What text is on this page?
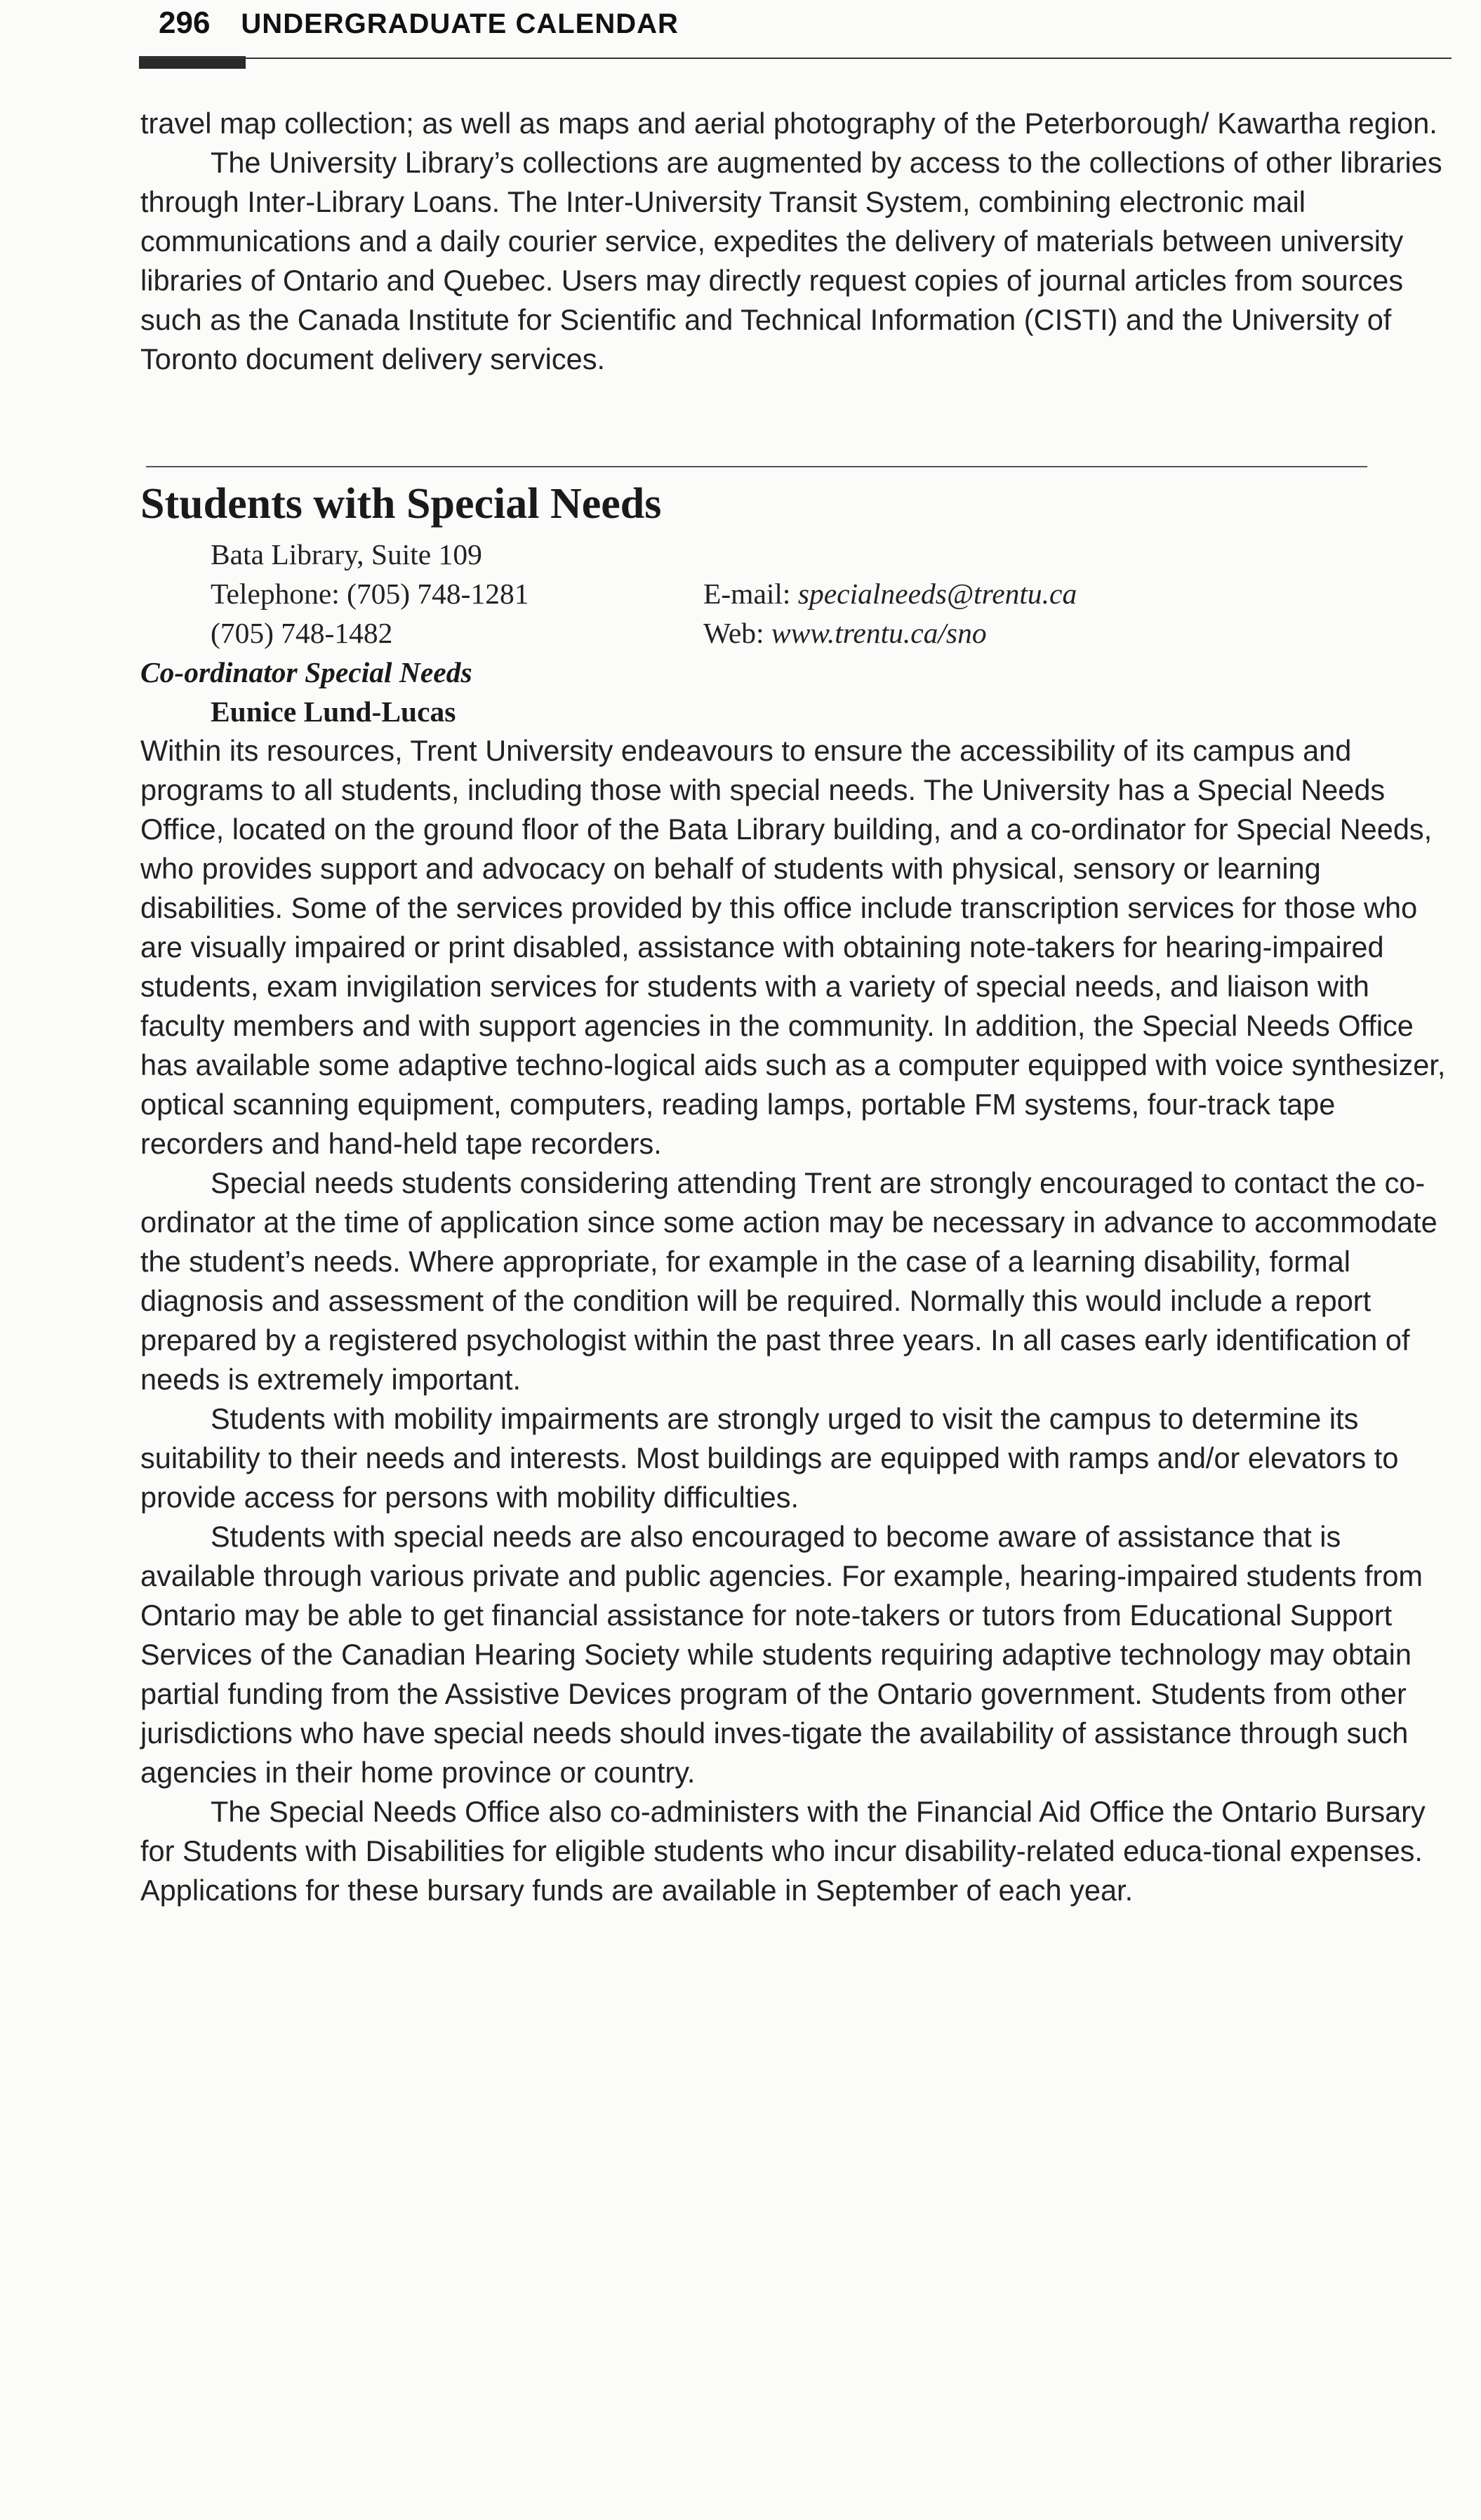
296 UNDERGRADUATE CALENDAR

travel map collection; as well as maps and aerial photography of the Peterborough/ Kawartha region.

The University Library’s collections are augmented by access to the collections of other libraries through Inter-Library Loans. The Inter-University Transit System, combining electronic mail communications and a daily courier service, expedites the delivery of materials between university libraries of Ontario and Quebec. Users may directly request copies of journal articles from sources such as the Canada Institute for Scientific and Technical Information (CISTI) and the University of Toronto document delivery services.

Students with Special Needs
Bata Library, Suite 109
Telephone: (705) 748-1281	E-mail: specialneeds@trentu.ca
(705) 748-1482	Web: www.trentu.ca/sno

Co-ordinator Special Needs

Eunice Lund-Lucas

Within its resources, Trent University endeavours to ensure the accessibility of its campus and programs to all students, including those with special needs. The University has a Special Needs Office, located on the ground floor of the Bata Library building, and a co-ordinator for Special Needs, who provides support and advocacy on behalf of students with physical, sensory or learning disabilities. Some of the services provided by this office include transcription services for those who are visually impaired or print disabled, assistance with obtaining note-takers for hearing-impaired students, exam invigilation services for students with a variety of special needs, and liaison with faculty members and with support agencies in the community. In addition, the Special Needs Office has available some adaptive techno-logical aids such as a computer equipped with voice synthesizer, optical scanning equipment, computers, reading lamps, portable FM systems, four-track tape recorders and hand-held tape recorders.

Special needs students considering attending Trent are strongly encouraged to contact the co-ordinator at the time of application since some action may be necessary in advance to accommodate the student’s needs. Where appropriate, for example in the case of a learning disability, formal diagnosis and assessment of the condition will be required. Normally this would include a report prepared by a registered psychologist within the past three years. In all cases early identification of needs is extremely important.

Students with mobility impairments are strongly urged to visit the campus to determine its suitability to their needs and interests. Most buildings are equipped with ramps and/or elevators to provide access for persons with mobility difficulties.

Students with special needs are also encouraged to become aware of assistance that is available through various private and public agencies. For example, hearing-impaired students from Ontario may be able to get financial assistance for note-takers or tutors from Educational Support Services of the Canadian Hearing Society while students requiring adaptive technology may obtain partial funding from the Assistive Devices program of the Ontario government. Students from other jurisdictions who have special needs should inves-tigate the availability of assistance through such agencies in their home province or country.

The Special Needs Office also co-administers with the Financial Aid Office the Ontario Bursary for Students with Disabilities for eligible students who incur disability-related educa-tional expenses. Applications for these bursary funds are available in September of each year.
